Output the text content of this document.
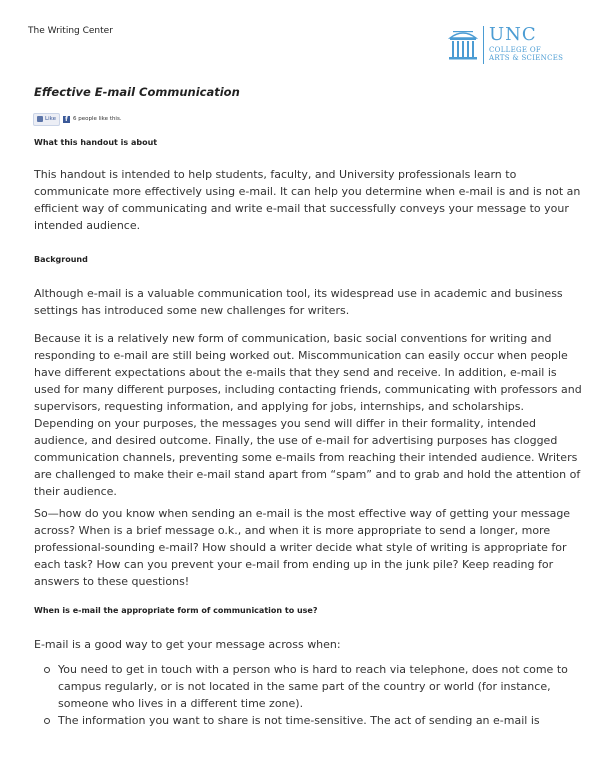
The Writing Center	UNC
COLLEGE OF
ARTS & SCIENCES
Effective E-mail Communication
Like	f 6 people like this.
What this handout is about

This handout is intended to help students, faculty, and University professionals learn to communicate more effectively using e-mail. It can help you determine when e-mail is and is not an efficient way of communicating and write e-mail that successfully conveys your message to your intended audience.

Background

Although e-mail is a valuable communication tool, its widespread use in academic and business settings has introduced some new challenges for writers.

Because it is a relatively new form of communication, basic social conventions for writing and responding to e-mail are still being worked out. Miscommunication can easily occur when people have different expectations about the e-mails that they send and receive. In addition, e-mail is used for many different purposes, including contacting friends, communicating with professors and supervisors, requesting information, and applying for jobs, internships, and scholarships. Depending on your purposes, the messages you send will differ in their formality, intended audience, and desired outcome. Finally, the use of e-mail for advertising purposes has clogged communication channels, preventing some e-mails from reaching their intended audience. Writers are challenged to make their e-mail stand apart from “spam” and to grab and hold the attention of their audience.

So—how do you know when sending an e-mail is the most effective way of getting your message across? When is a brief message o.k., and when it is more appropriate to send a longer, more professional-sounding e-mail? How should a writer decide what style of writing is appropriate for each task? How can you prevent your e-mail from ending up in the junk pile? Keep reading for answers to these questions!

When is e-mail the appropriate form of communication to use?

E-mail is a good way to get your message across when:

You need to get in touch with a person who is hard to reach via telephone, does not come to campus regularly, or is not located in the same part of the country or world (for instance, someone who lives in a different time zone).
The information you want to share is not time-sensitive. The act of sending an e-mail is
